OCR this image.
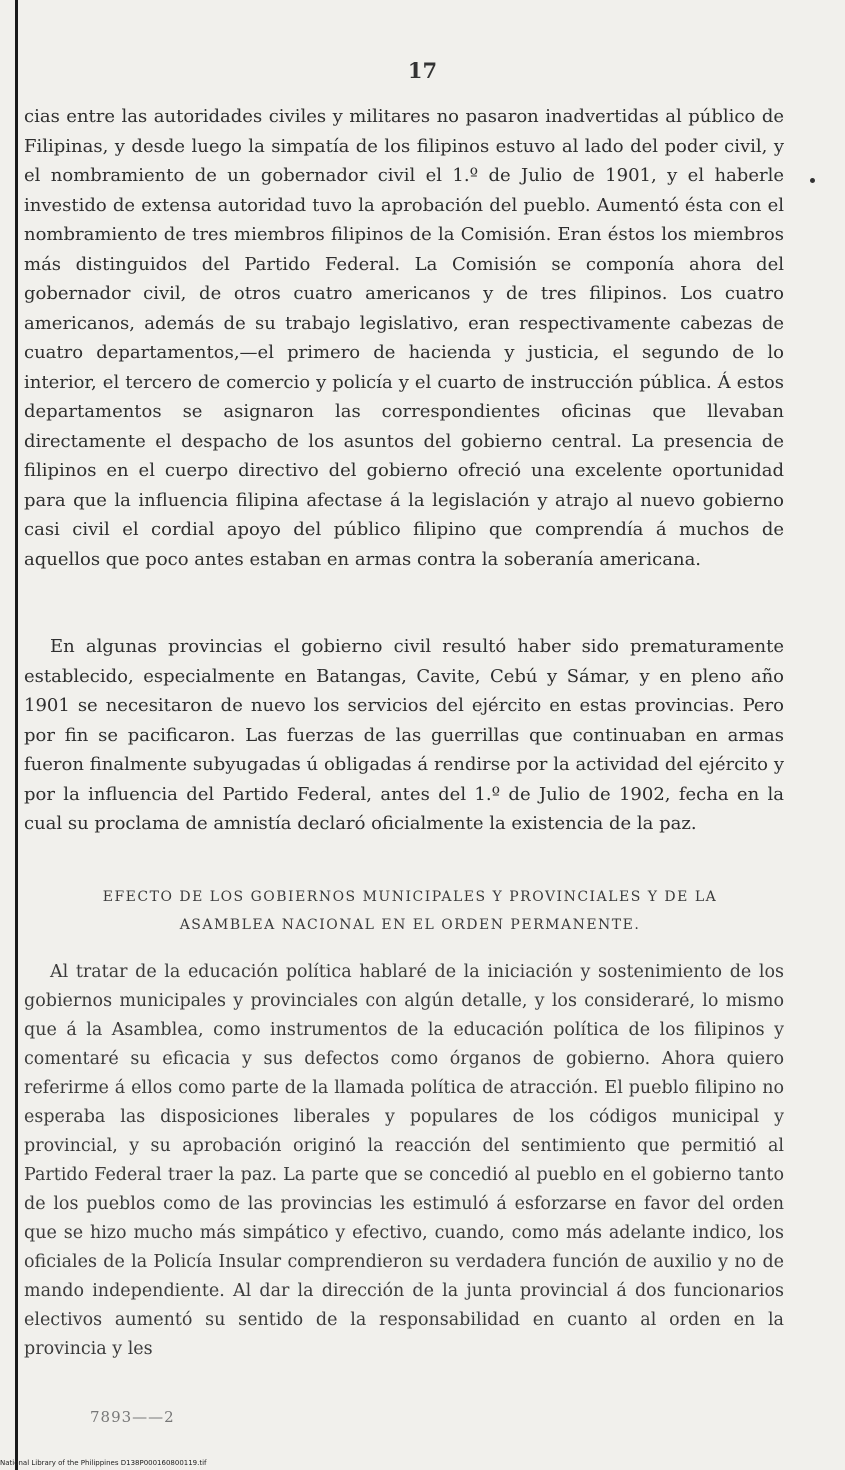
17

cias entre las autoridades civiles y militares no pasaron inadvertidas al público de Filipinas, y desde luego la simpatía de los filipinos estuvo al lado del poder civil, y el nombramiento de un gobernador civil el 1.º de Julio de 1901, y el haberle investido de extensa autoridad tuvo la aprobación del pueblo. Aumentó ésta con el nombramiento de tres miembros filipinos de la Comisión. Eran éstos los miembros más distinguidos del Partido Federal. La Comisión se componía ahora del gobernador civil, de otros cuatro americanos y de tres filipinos. Los cuatro americanos, además de su trabajo legislativo, eran respectivamente cabezas de cuatro departamentos,—el primero de hacienda y justicia, el segundo de lo interior, el tercero de comercio y policía y el cuarto de instrucción pública. Á estos departamentos se asignaron las correspondientes oficinas que llevaban directamente el despacho de los asuntos del gobierno central. La presencia de filipinos en el cuerpo directivo del gobierno ofreció una excelente oportunidad para que la influencia filipina afectase á la legislación y atrajo al nuevo gobierno casi civil el cordial apoyo del público filipino que comprendía á muchos de aquellos que poco antes estaban en armas contra la soberanía americana.

En algunas provincias el gobierno civil resultó haber sido prematuramente establecido, especialmente en Batangas, Cavite, Cebú y Sámar, y en pleno año 1901 se necesitaron de nuevo los servicios del ejército en estas provincias. Pero por fin se pacificaron. Las fuerzas de las guerrillas que continuaban en armas fueron finalmente subyugadas ú obligadas á rendirse por la actividad del ejército y por la influencia del Partido Federal, antes del 1.º de Julio de 1902, fecha en la cual su proclama de amnistía declaró oficialmente la existencia de la paz.

EFECTO DE LOS GOBIERNOS MUNICIPALES Y PROVINCIALES Y DE LA
ASAMBLEA NACIONAL EN EL ORDEN PERMANENTE.

Al tratar de la educación política hablaré de la iniciación y sostenimiento de los gobiernos municipales y provinciales con algún detalle, y los consideraré, lo mismo que á la Asamblea, como instrumentos de la educación política de los filipinos y comentaré su eficacia y sus defectos como órganos de gobierno. Ahora quiero referirme á ellos como parte de la llamada política de atracción. El pueblo filipino no esperaba las disposiciones liberales y populares de los códigos municipal y provincial, y su aprobación originó la reacción del sentimiento que permitió al Partido Federal traer la paz. La parte que se concedió al pueblo en el gobierno tanto de los pueblos como de las provincias les estimuló á esforzarse en favor del orden que se hizo mucho más simpático y efectivo, cuando, como más adelante indico, los oficiales de la Policía Insular comprendieron su verdadera función de auxilio y no de mando independiente. Al dar la dirección de la junta provincial á dos funcionarios electivos aumentó su sentido de la responsabilidad en cuanto al orden en la provincia y les

7893——2
National Library of the Philippines D138P000160800119.tif
